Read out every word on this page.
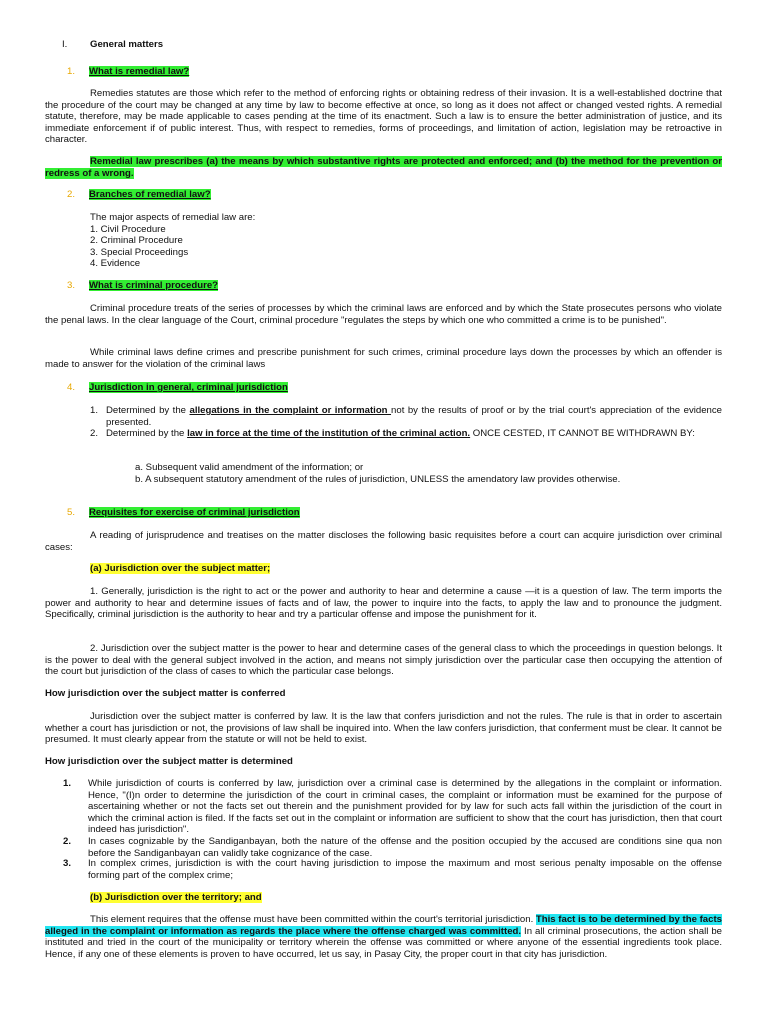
I. General matters
1. What is remedial law?

Remedies statutes are those which refer to the method of enforcing rights or obtaining redress of their invasion. It is a well-established doctrine that the procedure of the court may be changed at any time by law to become effective at once, so long as it does not affect or changed vested rights. A remedial statute, therefore, may be made applicable to cases pending at the time of its enactment. Such a law is to ensure the better administration of justice, and its immediate enforcement if of public interest. Thus, with respect to remedies, forms of proceedings, and limitation of action, legislation may be retroactive in character.

Remedial law prescribes (a) the means by which substantive rights are protected and enforced; and (b) the method for the prevention or redress of a wrong.

2. Branches of remedial law?
The major aspects of remedial law are:
1. Civil Procedure
2. Criminal Procedure
3. Special Proceedings
4. Evidence
3. What is criminal procedure?

Criminal procedure treats of the series of processes by which the criminal laws are enforced and by which the State prosecutes persons who violate the penal laws. In the clear language of the Court, criminal procedure "regulates the steps by which one who committed a crime is to be punished".

While criminal laws define crimes and prescribe punishment for such crimes, criminal procedure lays down the processes by which an offender is made to answer for the violation of the criminal laws

4. Jurisdiction in general, criminal jurisdiction
1. Determined by the allegations in the complaint or information not by the results of proof or by the trial court's appreciation of the evidence presented.
2. Determined by the law in force at the time of the institution of the criminal action. ONCE CESTED, IT CANNOT BE WITHDRAWN BY:
a. Subsequent valid amendment of the information; or
b. A subsequent statutory amendment of the rules of jurisdiction, UNLESS the amendatory law provides otherwise.
5. Requisites for exercise of criminal jurisdiction

A reading of jurisprudence and treatises on the matter discloses the following basic requisites before a court can acquire jurisdiction over criminal cases:

(a) Jurisdiction over the subject matter;

1. Generally, jurisdiction is the right to act or the power and authority to hear and determine a cause —it is a question of law. The term imports the power and authority to hear and determine issues of facts and of law, the power to inquire into the facts, to apply the law and to pronounce the judgment. Specifically, criminal jurisdiction is the authority to hear and try a particular offense and impose the punishment for it.

2. Jurisdiction over the subject matter is the power to hear and determine cases of the general class to which the proceedings in question belongs. It is the power to deal with the general subject involved in the action, and means not simply jurisdiction over the particular case then occupying the attention of the court but jurisdiction of the class of cases to which the particular case belongs.

How jurisdiction over the subject matter is conferred

Jurisdiction over the subject matter is conferred by law. It is the law that confers jurisdiction and not the rules. The rule is that in order to ascertain whether a court has jurisdiction or not, the provisions of law shall be inquired into. When the law confers jurisdiction, that conferment must be clear. It cannot be presumed. It must clearly appear from the statute or will not be held to exist.

How jurisdiction over the subject matter is determined
1.	While jurisdiction of courts is conferred by law, jurisdiction over a criminal case is determined by the allegations in the complaint or information. Hence, "(I)n order to determine the jurisdiction of the court in criminal cases, the complaint or information must be examined for the purpose of ascertaining whether or not the facts set out therein and the punishment provided for by law for such acts fall within the jurisdiction of the court in which the criminal action is filed. If the facts set out in the complaint or information are sufficient to show that the court has jurisdiction, then that court indeed has jurisdiction".
2.	In cases cognizable by the Sandiganbayan, both the nature of the offense and the position occupied by the accused are conditions sine qua non before the Sandiganbayan can validly take cognizance of the case.
3.	In complex crimes, jurisdiction is with the court having jurisdiction to impose the maximum and most serious penalty imposable on the offense forming part of the complex crime;
(b) Jurisdiction over the territory; and

This element requires that the offense must have been committed within the court's territorial jurisdiction. This fact is to be determined by the facts alleged in the complaint or information as regards the place where the offense charged was committed. In all criminal prosecutions, the action shall be instituted and tried in the court of the municipality or territory wherein the offense was committed or where anyone of the essential ingredients took place. Hence, if any one of these elements is proven to have occurred, let us say, in Pasay City, the proper court in that city has jurisdiction.
